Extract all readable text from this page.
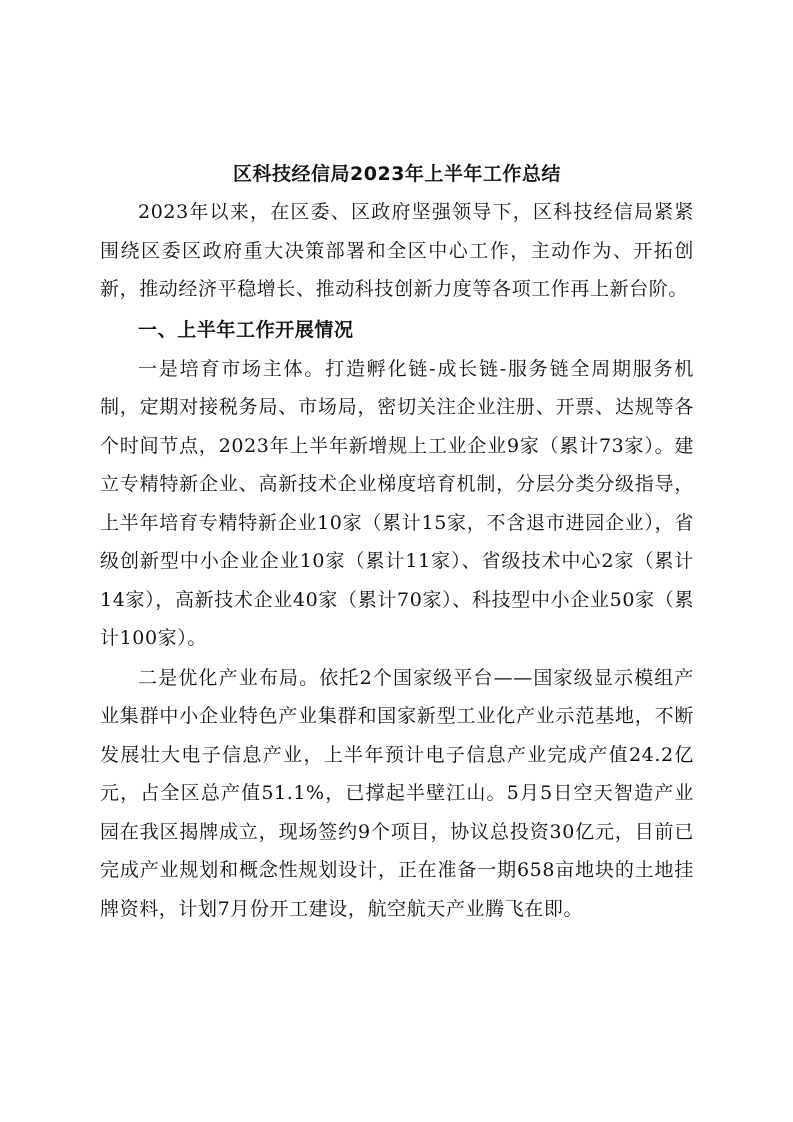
区科技经信局2023年上半年工作总结

2023年以来，在区委、区政府坚强领导下，区科技经信局紧紧围绕区委区政府重大决策部署和全区中心工作，主动作为、开拓创新，推动经济平稳增长、推动科技创新力度等各项工作再上新台阶。

一、上半年工作开展情况

一是培育市场主体。打造孵化链-成长链-服务链全周期服务机制，定期对接税务局、市场局，密切关注企业注册、开票、达规等各个时间节点，2023年上半年新增规上工业企业9家（累计73家）。建立专精特新企业、高新技术企业梯度培育机制，分层分类分级指导，上半年培育专精特新企业10家（累计15家，不含退市进园企业），省级创新型中小企业企业10家（累计11家）、省级技术中心2家（累计14家），高新技术企业40家（累计70家）、科技型中小企业50家（累计100家）。

二是优化产业布局。依托2个国家级平台——国家级显示模组产业集群中小企业特色产业集群和国家新型工业化产业示范基地，不断发展壮大电子信息产业，上半年预计电子信息产业完成产值24.2亿元，占全区总产值51.1%，已撑起半壁江山。5月5日空天智造产业园在我区揭牌成立，现场签约9个项目，协议总投资30亿元，目前已完成产业规划和概念性规划设计，正在准备一期658亩地块的土地挂牌资料，计划7月份开工建设，航空航天产业腾飞在即。
